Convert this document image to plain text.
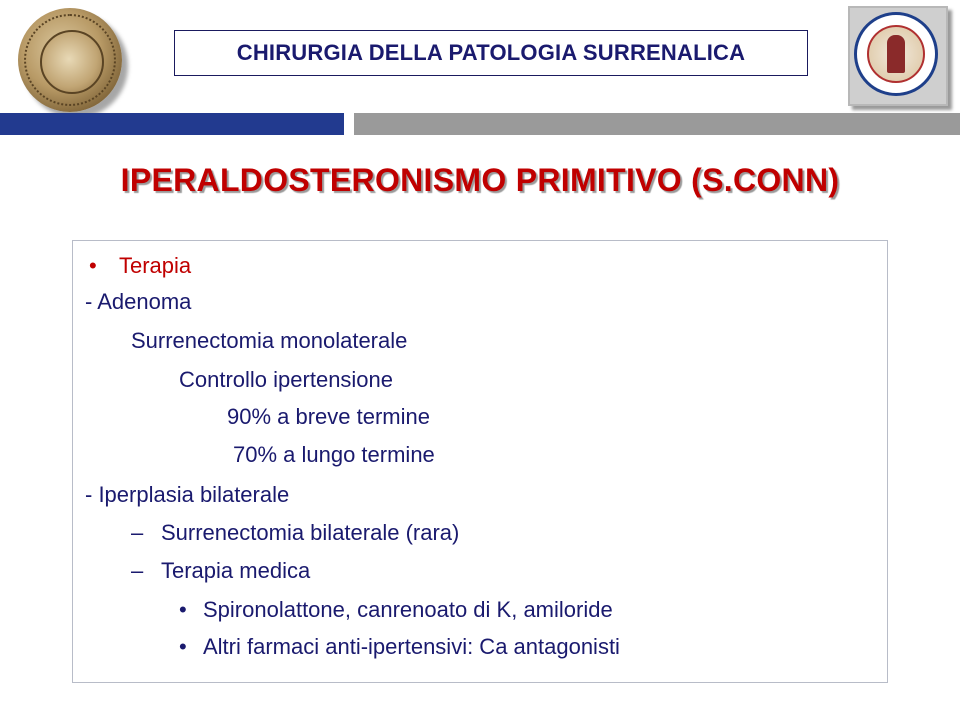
CHIRURGIA DELLA PATOLOGIA SURRENALICA
IPERALDOSTERONISMO PRIMITIVO (S.CONN)
• Terapia
- Adenoma
Surrenectomia monolaterale
Controllo ipertensione
90% a breve termine
70% a lungo termine
- Iperplasia bilaterale
– Surrenectomia bilaterale (rara)
– Terapia medica
• Spironolattone, canrenoato di K, amiloride
• Altri farmaci anti-ipertensivi: Ca antagonisti
